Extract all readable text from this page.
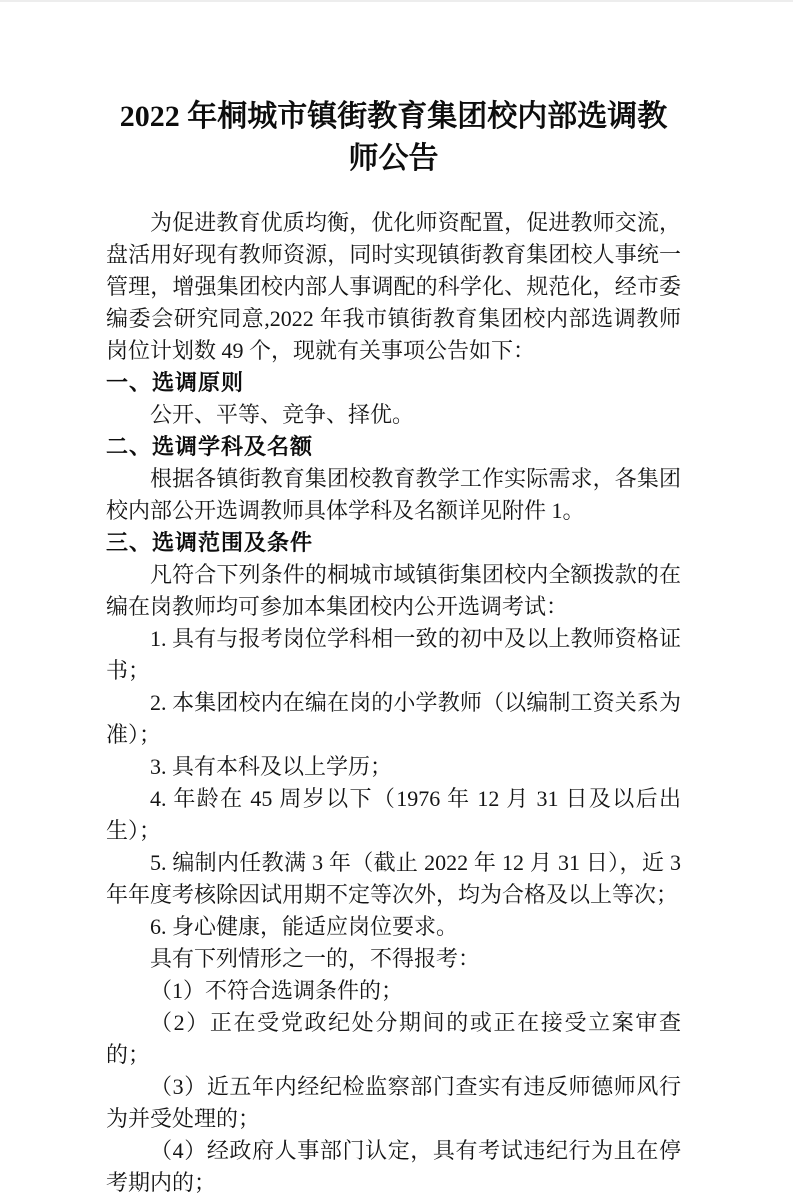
2022 年桐城市镇街教育集团校内部选调教师公告

为促进教育优质均衡，优化师资配置，促进教师交流，盘活用好现有教师资源，同时实现镇街教育集团校人事统一管理，增强集团校内部人事调配的科学化、规范化，经市委编委会研究同意,2022 年我市镇街教育集团校内部选调教师岗位计划数 49 个，现就有关事项公告如下：

一、选调原则

公开、平等、竞争、择优。

二、选调学科及名额

根据各镇街教育集团校教育教学工作实际需求，各集团校内部公开选调教师具体学科及名额详见附件 1。

三、选调范围及条件

凡符合下列条件的桐城市域镇街集团校内全额拨款的在编在岗教师均可参加本集团校内公开选调考试：

1. 具有与报考岗位学科相一致的初中及以上教师资格证书；

2. 本集团校内在编在岗的小学教师（以编制工资关系为准）；

3. 具有本科及以上学历；

4. 年龄在 45 周岁以下（1976 年 12 月 31 日及以后出生）；

5. 编制内任教满 3 年（截止 2022 年 12 月 31 日），近 3 年年度考核除因试用期不定等次外，均为合格及以上等次；

6. 身心健康，能适应岗位要求。

具有下列情形之一的，不得报考：

（1）不符合选调条件的；

（2）正在受党政纪处分期间的或正在接受立案审查的；

（3）近五年内经纪检监察部门查实有违反师德师风行为并受处理的；

（4）经政府人事部门认定，具有考试违纪行为且在停考期内的；
